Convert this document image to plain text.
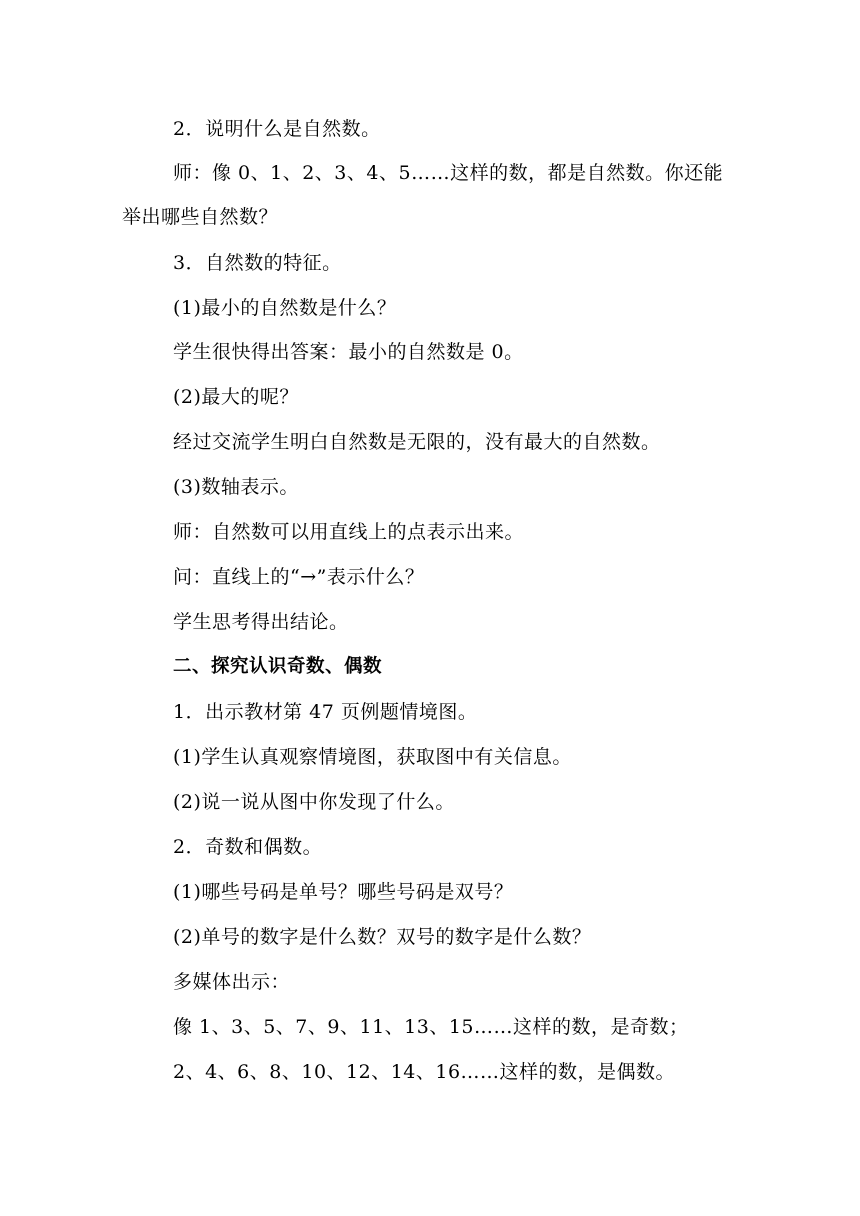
2．说明什么是自然数。
师：像 0、1、2、3、4、5……这样的数，都是自然数。你还能
举出哪些自然数？
3．自然数的特征。
(1)最小的自然数是什么？
学生很快得出答案：最小的自然数是 0。
(2)最大的呢？
经过交流学生明白自然数是无限的，没有最大的自然数。
(3)数轴表示。
师：自然数可以用直线上的点表示出来。
问：直线上的“→”表示什么？
学生思考得出结论。
二、探究认识奇数、偶数
1．出示教材第 47 页例题情境图。
(1)学生认真观察情境图，获取图中有关信息。
(2)说一说从图中你发现了什么。
2．奇数和偶数。
(1)哪些号码是单号？哪些号码是双号？
(2)单号的数字是什么数？双号的数字是什么数？
多媒体出示：
像 1、3、5、7、9、11、13、15……这样的数，是奇数；
2、4、6、8、10、12、14、16……这样的数，是偶数。
